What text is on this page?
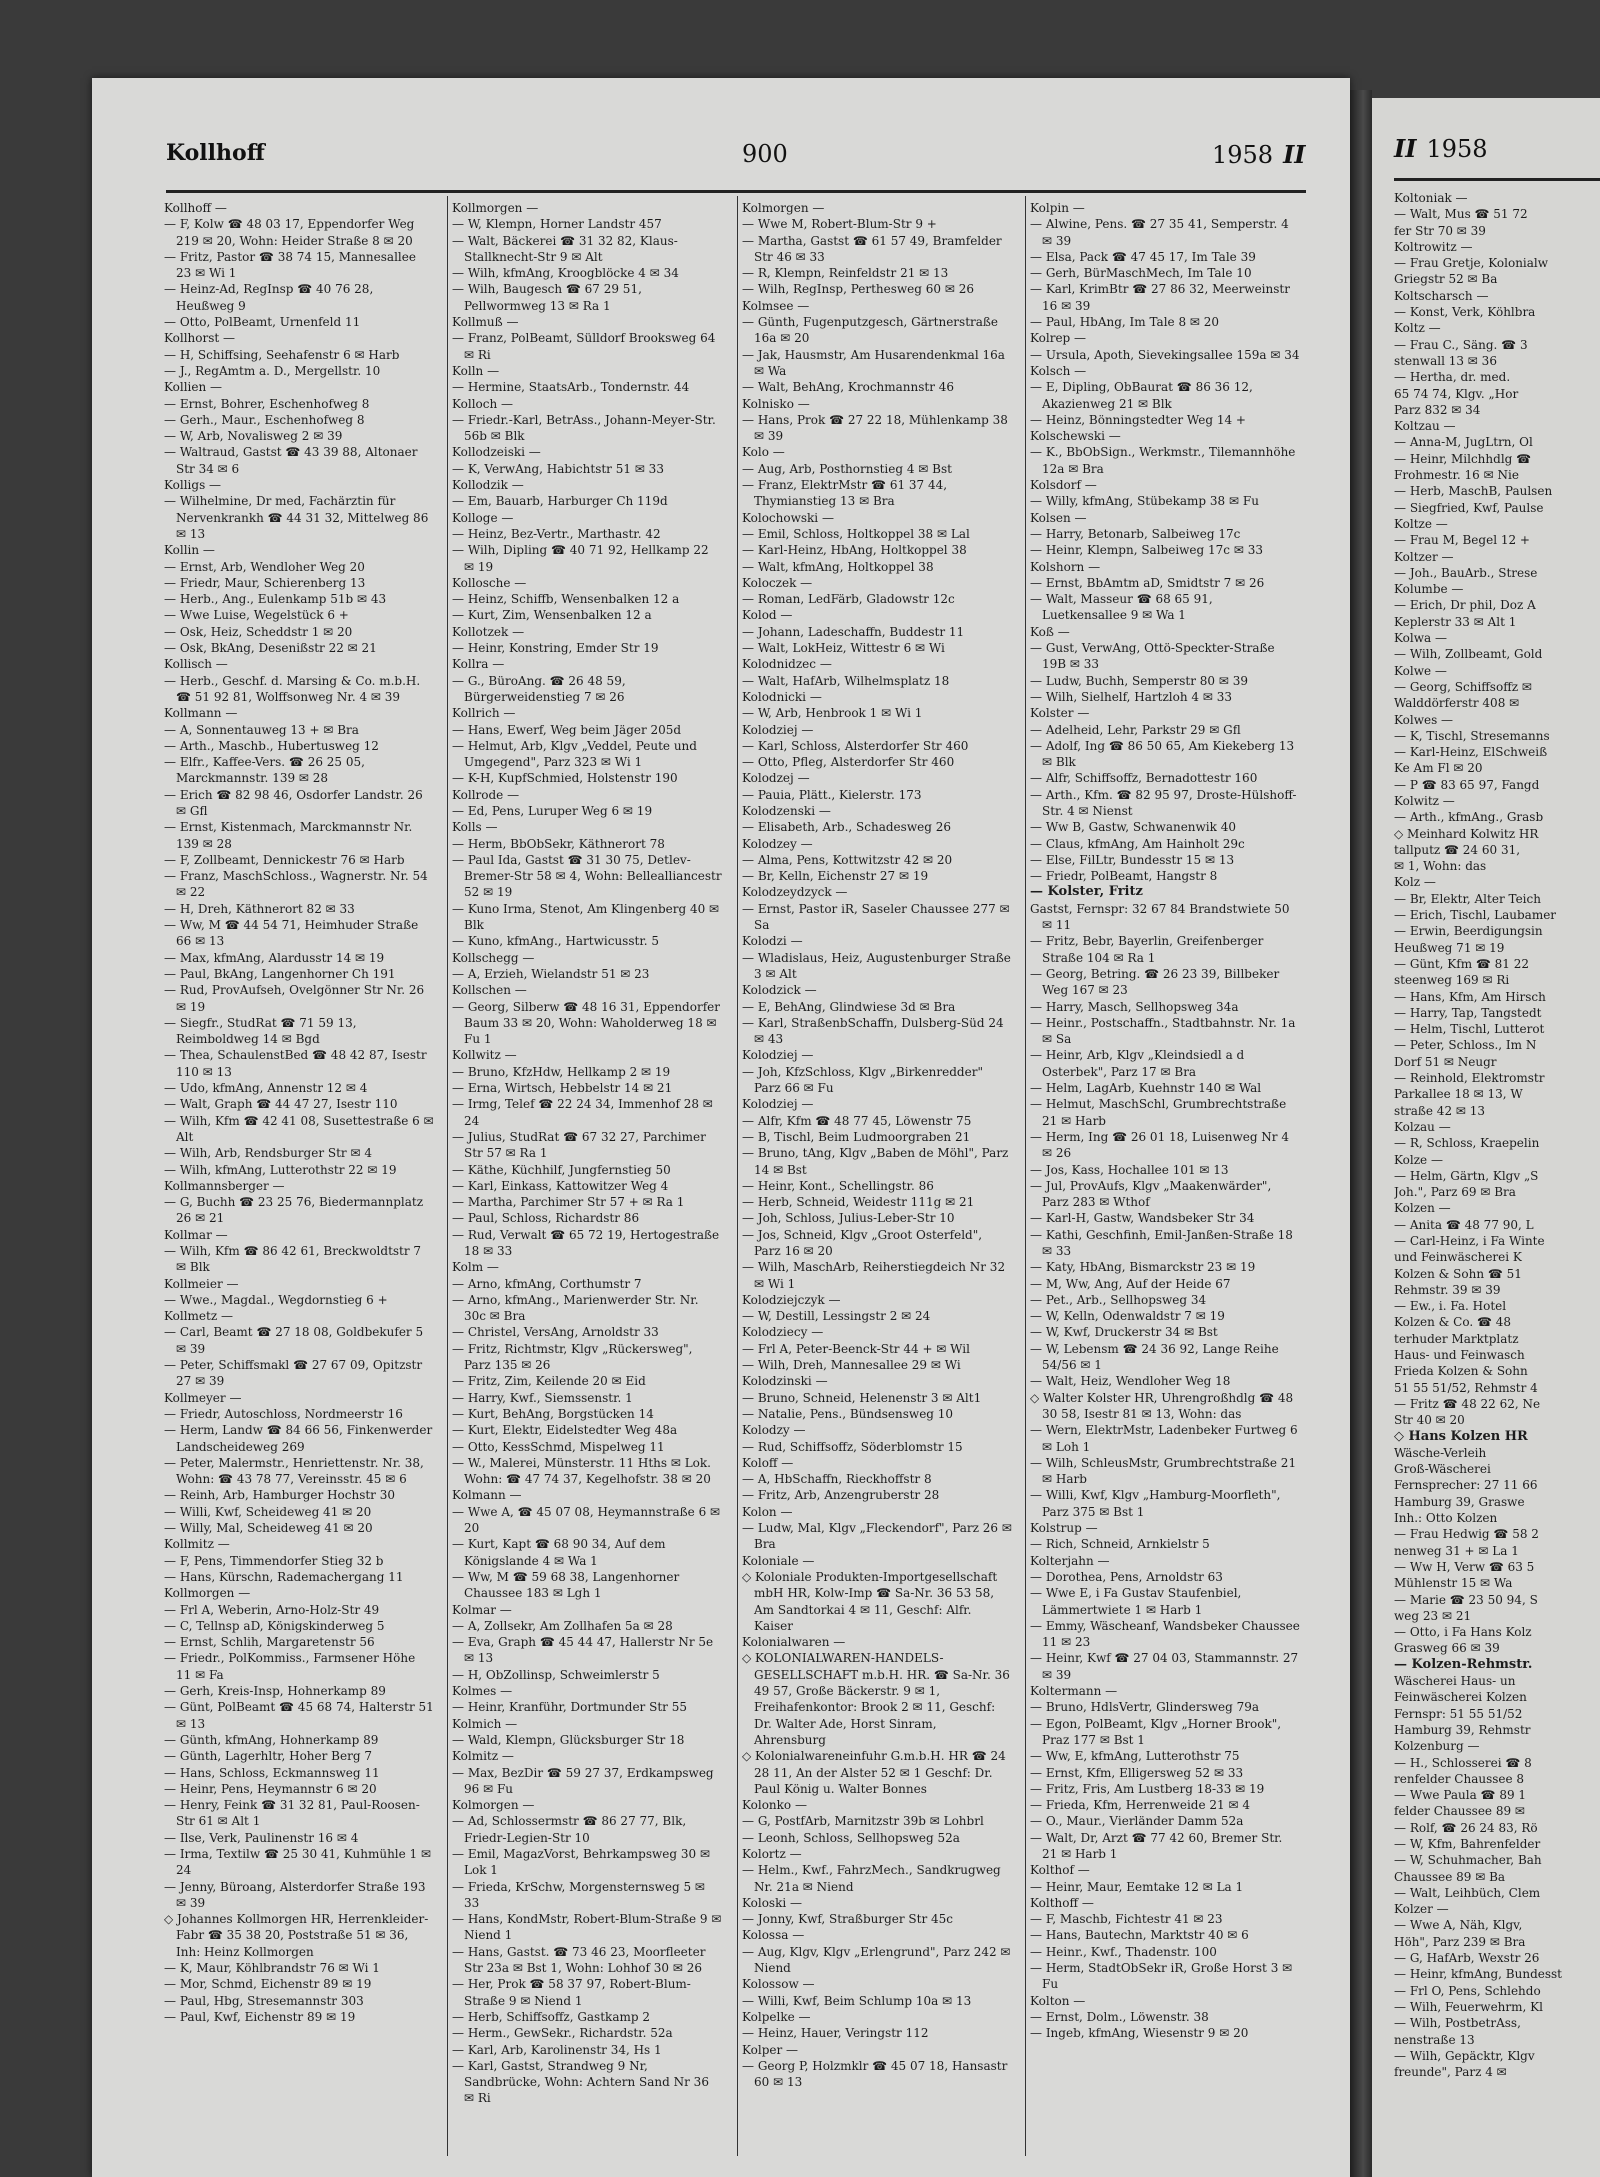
Kollhoff	900	1958 II

Kollhoff —

— F, Kolw ☎ 48 03 17, Eppendorfer Weg 219 ✉ 20, Wohn: Heider Straße 8 ✉ 20

— Fritz, Pastor ☎ 38 74 15, Mannesallee 23 ✉ Wi 1

— Heinz-Ad, RegInsp ☎ 40 76 28, Heußweg 9

— Otto, PolBeamt, Urnenfeld 11

Kollhorst —

— H, Schiffsing, Seehafenstr 6 ✉ Harb

— J., RegAmtm a. D., Mergellstr. 10

Kollien —

— Ernst, Bohrer, Eschenhofweg 8

— Gerh., Maur., Eschenhofweg 8

— W, Arb, Novalisweg 2 ✉ 39

— Waltraud, Gastst ☎ 43 39 88, Altonaer Str 34 ✉ 6

Kolligs —

— Wilhelmine, Dr med, Fachärztin für Nervenkrankh ☎ 44 31 32, Mittelweg 86 ✉ 13

Kollin —

— Ernst, Arb, Wendloher Weg 20

— Friedr, Maur, Schierenberg 13

— Herb., Ang., Eulenkamp 51b ✉ 43

— Wwe Luise, Wegelstück 6 +

— Osk, Heiz, Scheddstr 1 ✉ 20

— Osk, BkAng, Desenißstr 22 ✉ 21

Kollisch —

— Herb., Geschf. d. Marsing & Co. m.b.H. ☎ 51 92 81, Wolffsonweg Nr. 4 ✉ 39

Kollmann —

— A, Sonnentauweg 13 + ✉ Bra

— Arth., Maschb., Hubertusweg 12

— Elfr., Kaffee-Vers. ☎ 26 25 05, Marckmannstr. 139 ✉ 28

— Erich ☎ 82 98 46, Osdorfer Landstr. 26 ✉ Gfl

— Ernst, Kistenmach, Marckmannstr Nr. 139 ✉ 28

— F, Zollbeamt, Dennickestr 76 ✉ Harb

— Franz, MaschSchloss., Wagnerstr. Nr. 54 ✉ 22

— H, Dreh, Käthnerort 82 ✉ 33

— Ww, M ☎ 44 54 71, Heimhuder Straße 66 ✉ 13

— Max, kfmAng, Alardusstr 14 ✉ 19

— Paul, BkAng, Langenhorner Ch 191

— Rud, ProvAufseh, Ovelgönner Str Nr. 26 ✉ 19

— Siegfr., StudRat ☎ 71 59 13, Reimboldweg 14 ✉ Bgd

— Thea, SchaulenstBed ☎ 48 42 87, Isestr 110 ✉ 13

— Udo, kfmAng, Annenstr 12 ✉ 4

— Walt, Graph ☎ 44 47 27, Isestr 110

— Wilh, Kfm ☎ 42 41 08, Susettestraße 6 ✉ Alt

— Wilh, Arb, Rendsburger Str ✉ 4

— Wilh, kfmAng, Lutterothstr 22 ✉ 19

Kollmannsberger —

— G, Buchh ☎ 23 25 76, Biedermannplatz 26 ✉ 21

Kollmar —

— Wilh, Kfm ☎ 86 42 61, Breckwoldtstr 7 ✉ Blk

Kollmeier —

— Wwe., Magdal., Wegdornstieg 6 +

Kollmetz —

— Carl, Beamt ☎ 27 18 08, Goldbekufer 5 ✉ 39

— Peter, Schiffsmakl ☎ 27 67 09, Opitzstr 27 ✉ 39

Kollmeyer —

— Friedr, Autoschloss, Nordmeerstr 16

— Herm, Landw ☎ 84 66 56, Finkenwerder Landscheideweg 269

— Peter, Malermstr., Henriettenstr. Nr. 38, Wohn: ☎ 43 78 77, Vereinsstr. 45 ✉ 6

— Reinh, Arb, Hamburger Hochstr 30

— Willi, Kwf, Scheideweg 41 ✉ 20

— Willy, Mal, Scheideweg 41 ✉ 20

Kollmitz —

— F, Pens, Timmendorfer Stieg 32 b

— Hans, Kürschn, Rademachergang 11

Kollmorgen —

— Frl A, Weberin, Arno-Holz-Str 49

— C, Tellnsp aD, Königskinderweg 5

— Ernst, Schlih, Margaretenstr 56

— Friedr., PolKommiss., Farmsener Höhe 11 ✉ Fa

— Gerh, Kreis-Insp, Hohnerkamp 89

— Günt, PolBeamt ☎ 45 68 74, Halterstr 51 ✉ 13

— Günth, kfmAng, Hohnerkamp 89

— Günth, Lagerhltr, Hoher Berg 7

— Hans, Schloss, Eckmannsweg 11

— Heinr, Pens, Heymannstr 6 ✉ 20

— Henry, Feink ☎ 31 32 81, Paul-Roosen-Str 61 ✉ Alt 1

— Ilse, Verk, Paulinenstr 16 ✉ 4

— Irma, Textilw ☎ 25 30 41, Kuhmühle 1 ✉ 24

— Jenny, Büroang, Alsterdorfer Straße 193 ✉ 39

◇ Johannes Kollmorgen HR, Herrenkleider-Fabr ☎ 35 38 20, Poststraße 51 ✉ 36, Inh: Heinz Kollmorgen

— K, Maur, Köhlbrandstr 76 ✉ Wi 1

— Mor, Schmd, Eichenstr 89 ✉ 19

— Paul, Hbg, Stresemannstr 303

— Paul, Kwf, Eichenstr 89 ✉ 19

Kollmorgen —

— W, Klempn, Horner Landstr 457

— Walt, Bäckerei ☎ 31 32 82, Klaus-Stallknecht-Str 9 ✉ Alt

— Wilh, kfmAng, Kroogblöcke 4 ✉ 34

— Wilh, Baugesch ☎ 67 29 51, Pellwormweg 13 ✉ Ra 1

Kollmuß —

— Franz, PolBeamt, Sülldorf Brooksweg 64 ✉ Ri

Kolln —

— Hermine, StaatsArb., Tondernstr. 44

Kolloch —

— Friedr.-Karl, BetrAss., Johann-Meyer-Str. 56b ✉ Blk

Kollodzeiski —

— K, VerwAng, Habichtstr 51 ✉ 33

Kollodzik —

— Em, Bauarb, Harburger Ch 119d

Kolloge —

— Heinz, Bez-Vertr., Marthastr. 42

— Wilh, Dipling ☎ 40 71 92, Hellkamp 22 ✉ 19

Kollosche —

— Heinz, Schiffb, Wensenbalken 12 a

— Kurt, Zim, Wensenbalken 12 a

Kollotzek —

— Heinr, Konstring, Emder Str 19

Kollra —

— G., BüroAng. ☎ 26 48 59, Bürgerweidenstieg 7 ✉ 26

Kollrich —

— Hans, Ewerf, Weg beim Jäger 205d

— Helmut, Arb, Klgv „Veddel, Peute und Umgegend", Parz 323 ✉ Wi 1

— K-H, KupfSchmied, Holstenstr 190

Kollrode —

— Ed, Pens, Luruper Weg 6 ✉ 19

Kolls —

— Herm, BbObSekr, Käthnerort 78

— Paul Ida, Gastst ☎ 31 30 75, Detlev-Bremer-Str 58 ✉ 4, Wohn: Bellealliancestr 52 ✉ 19

— Kuno Irma, Stenot, Am Klingenberg 40 ✉ Blk

— Kuno, kfmAng., Hartwicusstr. 5

Kollschegg —

— A, Erzieh, Wielandstr 51 ✉ 23

Kollschen —

— Georg, Silberw ☎ 48 16 31, Eppendorfer Baum 33 ✉ 20, Wohn: Waholderweg 18 ✉ Fu 1

Kollwitz —

— Bruno, KfzHdw, Hellkamp 2 ✉ 19

— Erna, Wirtsch, Hebbelstr 14 ✉ 21

— Irmg, Telef ☎ 22 24 34, Immenhof 28 ✉ 24

— Julius, StudRat ☎ 67 32 27, Parchimer Str 57 ✉ Ra 1

— Käthe, Küchhilf, Jungfernstieg 50

— Karl, Einkass, Kattowitzer Weg 4

— Martha, Parchimer Str 57 + ✉ Ra 1

— Paul, Schloss, Richardstr 86

— Rud, Verwalt ☎ 65 72 19, Hertogestraße 18 ✉ 33

Kolm —

— Arno, kfmAng, Corthumstr 7

— Arno, kfmAng., Marienwerder Str. Nr. 30c ✉ Bra

— Christel, VersAng, Arnoldstr 33

— Fritz, Richtmstr, Klgv „Rückersweg", Parz 135 ✉ 26

— Fritz, Zim, Keilende 20 ✉ Eid

— Harry, Kwf., Siemssenstr. 1

— Kurt, BehAng, Borgstücken 14

— Kurt, Elektr, Eidelstedter Weg 48a

— Otto, KessSchmd, Mispelweg 11

— W., Malerei, Münsterstr. 11 Hths ✉ Lok. Wohn: ☎ 47 74 37, Kegelhofstr. 38 ✉ 20

Kolmann —

— Wwe A, ☎ 45 07 08, Heymannstraße 6 ✉ 20

— Kurt, Kapt ☎ 68 90 34, Auf dem Königslande 4 ✉ Wa 1

— Ww, M ☎ 59 68 38, Langenhorner Chaussee 183 ✉ Lgh 1

Kolmar —

— A, Zollsekr, Am Zollhafen 5a ✉ 28

— Eva, Graph ☎ 45 44 47, Hallerstr Nr 5e ✉ 13

— H, ObZollinsp, Schweimlerstr 5

Kolmes —

— Heinr, Kranführ, Dortmunder Str 55

Kolmich —

— Wald, Klempn, Glücksburger Str 18

Kolmitz —

— Max, BezDir ☎ 59 27 37, Erdkampsweg 96 ✉ Fu

Kolmorgen —

— Ad, Schlossermstr ☎ 86 27 77, Blk, Friedr-Legien-Str 10

— Emil, MagazVorst, Behrkampsweg 30 ✉ Lok 1

— Frieda, KrSchw, Morgensternsweg 5 ✉ 33

— Hans, KondMstr, Robert-Blum-Straße 9 ✉ Niend 1

— Hans, Gastst. ☎ 73 46 23, Moorfleeter Str 23a ✉ Bst 1, Wohn: Lohhof 30 ✉ 26

— Her, Prok ☎ 58 37 97, Robert-Blum-Straße 9 ✉ Niend 1

— Herb, Schiffsoffz, Gastkamp 2

— Herm., GewSekr., Richardstr. 52a

— Karl, Arb, Karolinenstr 34, Hs 1

— Karl, Gastst, Strandweg 9 Nr, Sandbrücke, Wohn: Achtern Sand Nr 36 ✉ Ri

Kolmorgen —

— Wwe M, Robert-Blum-Str 9 +

— Martha, Gastst ☎ 61 57 49, Bramfelder Str 46 ✉ 33

— R, Klempn, Reinfeldstr 21 ✉ 13

— Wilh, RegInsp, Perthesweg 60 ✉ 26

Kolmsee —

— Günth, Fugenputzgesch, Gärtnerstraße 16a ✉ 20

— Jak, Hausmstr, Am Husarendenkmal 16a ✉ Wa

— Walt, BehAng, Krochmannstr 46

Kolnisko —

— Hans, Prok ☎ 27 22 18, Mühlenkamp 38 ✉ 39

Kolo —

— Aug, Arb, Posthornstieg 4 ✉ Bst

— Franz, ElektrMstr ☎ 61 37 44, Thymianstieg 13 ✉ Bra

Kolochowski —

— Emil, Schloss, Holtkoppel 38 ✉ Lal

— Karl-Heinz, HbAng, Holtkoppel 38

— Walt, kfmAng, Holtkoppel 38

Koloczek —

— Roman, LedFärb, Gladowstr 12c

Kolod —

— Johann, Ladeschaffn, Buddestr 11

— Walt, LokHeiz, Wittestr 6 ✉ Wi

Kolodnidzec —

— Walt, HafArb, Wilhelmsplatz 18

Kolodnicki —

— W, Arb, Henbrook 1 ✉ Wi 1

Kolodziej —

— Karl, Schloss, Alsterdorfer Str 460

— Otto, Pfleg, Alsterdorfer Str 460

Kolodzej —

— Pauia, Plätt., Kielerstr. 173

Kolodzenski —

— Elisabeth, Arb., Schadesweg 26

Kolodzey —

— Alma, Pens, Kottwitzstr 42 ✉ 20

— Br, Kelln, Eichenstr 27 ✉ 19

Kolodzeydzyck —

— Ernst, Pastor iR, Saseler Chaussee 277 ✉ Sa

Kolodzi —

— Wladislaus, Heiz, Augustenburger Straße 3 ✉ Alt

Kolodzick —

— E, BehAng, Glindwiese 3d ✉ Bra

— Karl, StraßenbSchaffn, Dulsberg-Süd 24 ✉ 43

Kolodziej —

— Joh, KfzSchloss, Klgv „Birkenredder" Parz 66 ✉ Fu

Kolodziej —

— Alfr, Kfm ☎ 48 77 45, Löwenstr 75

— B, Tischl, Beim Ludmoorgraben 21

— Bruno, tAng, Klgv „Baben de Möhl", Parz 14 ✉ Bst

— Heinr, Kont., Schellingstr. 86

— Herb, Schneid, Weidestr 111g ✉ 21

— Joh, Schloss, Julius-Leber-Str 10

— Jos, Schneid, Klgv „Groot Osterfeld", Parz 16 ✉ 20

— Wilh, MaschArb, Reiherstiegdeich Nr 32 ✉ Wi 1

Kolodziejczyk —

— W, Destill, Lessingstr 2 ✉ 24

Kolodziecy —

— Frl A, Peter-Beenck-Str 44 + ✉ Wil

— Wilh, Dreh, Mannesallee 29 ✉ Wi

Kolodzinski —

— Bruno, Schneid, Helenenstr 3 ✉ Alt1

— Natalie, Pens., Bündsensweg 10

Kolodzy —

— Rud, Schiffsoffz, Söderblomstr 15

Koloff —

— A, HbSchaffn, Rieckhoffstr 8

— Fritz, Arb, Anzengruberstr 28

Kolon —

— Ludw, Mal, Klgv „Fleckendorf", Parz 26 ✉ Bra

Koloniale —

◇ Koloniale Produkten-Importgesellschaft mbH HR, Kolw-Imp ☎ Sa-Nr. 36 53 58, Am Sandtorkai 4 ✉ 11, Geschf: Alfr. Kaiser

Kolonialwaren —

◇ KOLONIALWAREN-HANDELS-GESELLSCHAFT m.b.H. HR. ☎ Sa-Nr. 36 49 57, Große Bäckerstr. 9 ✉ 1, Freihafenkontor: Brook 2 ✉ 11, Geschf: Dr. Walter Ade, Horst Sinram, Ahrensburg

◇ Kolonialwareneinfuhr G.m.b.H. HR ☎ 24 28 11, An der Alster 52 ✉ 1 Geschf: Dr. Paul König u. Walter Bonnes

Kolonko —

— G, PostfArb, Marnitzstr 39b ✉ Lohbrl

— Leonh, Schloss, Sellhopsweg 52a

Kolortz —

— Helm., Kwf., FahrzMech., Sandkrugweg Nr. 21a ✉ Niend

Koloski —

— Jonny, Kwf, Straßburger Str 45c

Kolossa —

— Aug, Klgv, Klgv „Erlengrund", Parz 242 ✉ Niend

Kolossow —

— Willi, Kwf, Beim Schlump 10a ✉ 13

Kolpelke —

— Heinz, Hauer, Veringstr 112

Kolper —

— Georg P, Holzmklr ☎ 45 07 18, Hansastr 60 ✉ 13

Kolpin —

— Alwine, Pens. ☎ 27 35 41, Semperstr. 4 ✉ 39

— Elsa, Pack ☎ 47 45 17, Im Tale 39

— Gerh, BürMaschMech, Im Tale 10

— Karl, KrimBtr ☎ 27 86 32, Meerweinstr 16 ✉ 39

— Paul, HbAng, Im Tale 8 ✉ 20

Kolrep —

— Ursula, Apoth, Sievekingsallee 159a ✉ 34

Kolsch —

— E, Dipling, ObBaurat ☎ 86 36 12, Akazienweg 21 ✉ Blk

— Heinz, Bönningstedter Weg 14 +

Kolschewski —

— K., BbObSign., Werkmstr., Tilemannhöhe 12a ✉ Bra

Kolsdorf —

— Willy, kfmAng, Stübekamp 38 ✉ Fu

Kolsen —

— Harry, Betonarb, Salbeiweg 17c

— Heinr, Klempn, Salbeiweg 17c ✉ 33

Kolshorn —

— Ernst, BbAmtm aD, Smidtstr 7 ✉ 26

— Walt, Masseur ☎ 68 65 91, Luetkensallee 9 ✉ Wa 1

Koß —

— Gust, VerwAng, Ottö-Speckter-Straße 19B ✉ 33

— Ludw, Buchh, Semperstr 80 ✉ 39

— Wilh, Sielhelf, Hartzloh 4 ✉ 33

Kolster —

— Adelheid, Lehr, Parkstr 29 ✉ Gfl

— Adolf, Ing ☎ 86 50 65, Am Kiekeberg 13 ✉ Blk

— Alfr, Schiffsoffz, Bernadottestr 160

— Arth., Kfm. ☎ 82 95 97, Droste-Hülshoff-Str. 4 ✉ Nienst

— Ww B, Gastw, Schwanenwik 40

— Claus, kfmAng, Am Hainholt 29c

— Else, FilLtr, Bundesstr 15 ✉ 13

— Friedr, PolBeamt, Hangstr 8

— Kolster, Fritz

Gastst, Fernspr: 32 67 84 Brandstwiete 50 ✉ 11

— Fritz, Bebr, Bayerlin, Greifenberger Straße 104 ✉ Ra 1

— Georg, Betring. ☎ 26 23 39, Billbeker Weg 167 ✉ 23

— Harry, Masch, Sellhopsweg 34a

— Heinr., Postschaffn., Stadtbahnstr. Nr. 1a ✉ Sa

— Heinr, Arb, Klgv „Kleindsiedl a d Osterbek", Parz 17 ✉ Bra

— Helm, LagArb, Kuehnstr 140 ✉ Wal

— Helmut, MaschSchl, Grumbrechtstraße 21 ✉ Harb

— Herm, Ing ☎ 26 01 18, Luisenweg Nr 4 ✉ 26

— Jos, Kass, Hochallee 101 ✉ 13

— Jul, ProvAufs, Klgv „Maakenwärder", Parz 283 ✉ Wthof

— Karl-H, Gastw, Wandsbeker Str 34

— Kathi, Geschfinh, Emil-Janßen-Straße 18 ✉ 33

— Katy, HbAng, Bismarckstr 23 ✉ 19

— M, Ww, Ang, Auf der Heide 67

— Pet., Arb., Sellhopsweg 34

— W, Kelln, Odenwaldstr 7 ✉ 19

— W, Kwf, Druckerstr 34 ✉ Bst

— W, Lebensm ☎ 24 36 92, Lange Reihe 54/56 ✉ 1

— Walt, Heiz, Wendloher Weg 18

◇ Walter Kolster HR, Uhrengroßhdlg ☎ 48 30 58, Isestr 81 ✉ 13, Wohn: das

— Wern, ElektrMstr, Ladenbeker Furtweg 6 ✉ Loh 1

— Wilh, SchleusMstr, Grumbrechtstraße 21 ✉ Harb

— Willi, Kwf, Klgv „Hamburg-Moorfleth", Parz 375 ✉ Bst 1

Kolstrup —

— Rich, Schneid, Arnkielstr 5

Kolterjahn —

— Dorothea, Pens, Arnoldstr 63

— Wwe E, i Fa Gustav Staufenbiel, Lämmertwiete 1 ✉ Harb 1

— Emmy, Wäscheanf, Wandsbeker Chaussee 11 ✉ 23

— Heinr, Kwf ☎ 27 04 03, Stammannstr. 27 ✉ 39

Koltermann —

— Bruno, HdlsVertr, Glindersweg 79a

— Egon, PolBeamt, Klgv „Horner Brook", Praz 177 ✉ Bst 1

— Ww, E, kfmAng, Lutterothstr 75

— Ernst, Kfm, Elligersweg 52 ✉ 33

— Fritz, Fris, Am Lustberg 18-33 ✉ 19

— Frieda, Kfm, Herrenweide 21 ✉ 4

— O., Maur., Vierländer Damm 52a

— Walt, Dr, Arzt ☎ 77 42 60, Bremer Str. 21 ✉ Harb 1

Kolthof —

— Heinr, Maur, Eemtake 12 ✉ La 1

Kolthoff —

— F, Maschb, Fichtestr 41 ✉ 23

— Hans, Bautechn, Marktstr 40 ✉ 6

— Heinr., Kwf., Thadenstr. 100

— Herm, StadtObSekr iR, Große Horst 3 ✉ Fu

Kolton —

— Ernst, Dolm., Löwenstr. 38

— Ingeb, kfmAng, Wiesenstr 9 ✉ 20

II 1958

Koltoniak —

— Walt, Mus ☎ 51 72

fer Str 70 ✉ 39

Koltrowitz —

— Frau Gretje, Kolonialw

Griegstr 52 ✉ Ba

Koltscharsch —

— Konst, Verk, Köhlbra

Koltz —

— Frau C., Säng. ☎ 3

stenwall 13 ✉ 36

— Hertha, dr. med.

65 74 74, Klgv. „Hor

Parz 832 ✉ 34

Koltzau —

— Anna-M, JugLtrn, Ol

— Heinr, Milchhdlg ☎

Frohmestr. 16 ✉ Nie

— Herb, MaschB, Paulsen

— Siegfried, Kwf, Paulse

Koltze —

— Frau M, Begel 12 +

Koltzer —

— Joh., BauArb., Strese

Kolumbe —

— Erich, Dr phil, Doz A

Keplerstr 33 ✉ Alt 1

Kolwa —

— Wilh, Zollbeamt, Gold

Kolwe —

— Georg, Schiffsoffz ✉

Walddörferstr 408 ✉

Kolwes —

— K, Tischl, Stresemanns

— Karl-Heinz, ElSchweiß

Ke Am Fl ✉ 20

— P ☎ 83 65 97, Fangd

Kolwitz —

— Arth., kfmAng., Grasb

◇ Meinhard Kolwitz HR

tallputz ☎ 24 60 31,

✉ 1, Wohn: das

Kolz —

— Br, Elektr, Alter Teich

— Erich, Tischl, Laubamer

— Erwin, Beerdigungsin

Heußweg 71 ✉ 19

— Günt, Kfm ☎ 81 22

steenweg 169 ✉ Ri

— Hans, Kfm, Am Hirsch

— Harry, Tap, Tangstedt

— Helm, Tischl, Lutterot

— Peter, Schloss., Im N

Dorf 51 ✉ Neugr

— Reinhold, Elektromstr

Parkallee 18 ✉ 13, W

straße 42 ✉ 13

Kolzau —

— R, Schloss, Kraepelin

Kolze —

— Helm, Gärtn, Klgv „S

Joh.", Parz 69 ✉ Bra

Kolzen —

— Anita ☎ 48 77 90, L

— Carl-Heinz, i Fa Winte

und Feinwäscherei K

Kolzen & Sohn ☎ 51

Rehmstr. 39 ✉ 39

— Ew., i. Fa. Hotel

Kolzen & Co. ☎ 48

terhuder Marktplatz

Haus- und Feinwasch

Frieda Kolzen & Sohn

51 55 51/52, Rehmstr 4

— Fritz ☎ 48 22 62, Ne

Str 40 ✉ 20

◇ Hans Kolzen HR

Wäsche-Verleih

Groß-Wäscherei

Fernsprecher: 27 11 66

Hamburg 39, Graswe

Inh.: Otto Kolzen

— Frau Hedwig ☎ 58 2

nenweg 31 + ✉ La 1

— Ww H, Verw ☎ 63 5

Mühlenstr 15 ✉ Wa

— Marie ☎ 23 50 94, S

weg 23 ✉ 21

— Otto, i Fa Hans Kolz

Grasweg 66 ✉ 39

— Kolzen-Rehmstr.

Wäscherei Haus- un

Feinwäscherei Kolzen

Fernspr: 51 55 51/52

Hamburg 39, Rehmstr

Kolzenburg —

— H., Schlosserei ☎ 8

renfelder Chaussee 8

— Wwe Paula ☎ 89 1

felder Chaussee 89 ✉

— Rolf, ☎ 26 24 83, Rö

— W, Kfm, Bahrenfelder

— W, Schuhmacher, Bah

Chaussee 89 ✉ Ba

— Walt, Leihbüch, Clem

Kolzer —

— Wwe A, Näh, Klgv,

Höh", Parz 239 ✉ Bra

— G, HafArb, Wexstr 26

— Heinr, kfmAng, Bundesst

— Frl O, Pens, Schlehdo

— Wilh, Feuerwehrm, Kl

— Wilh, PostbetrAss,

nenstraße 13

— Wilh, Gepäcktr, Klgv

freunde", Parz 4 ✉
